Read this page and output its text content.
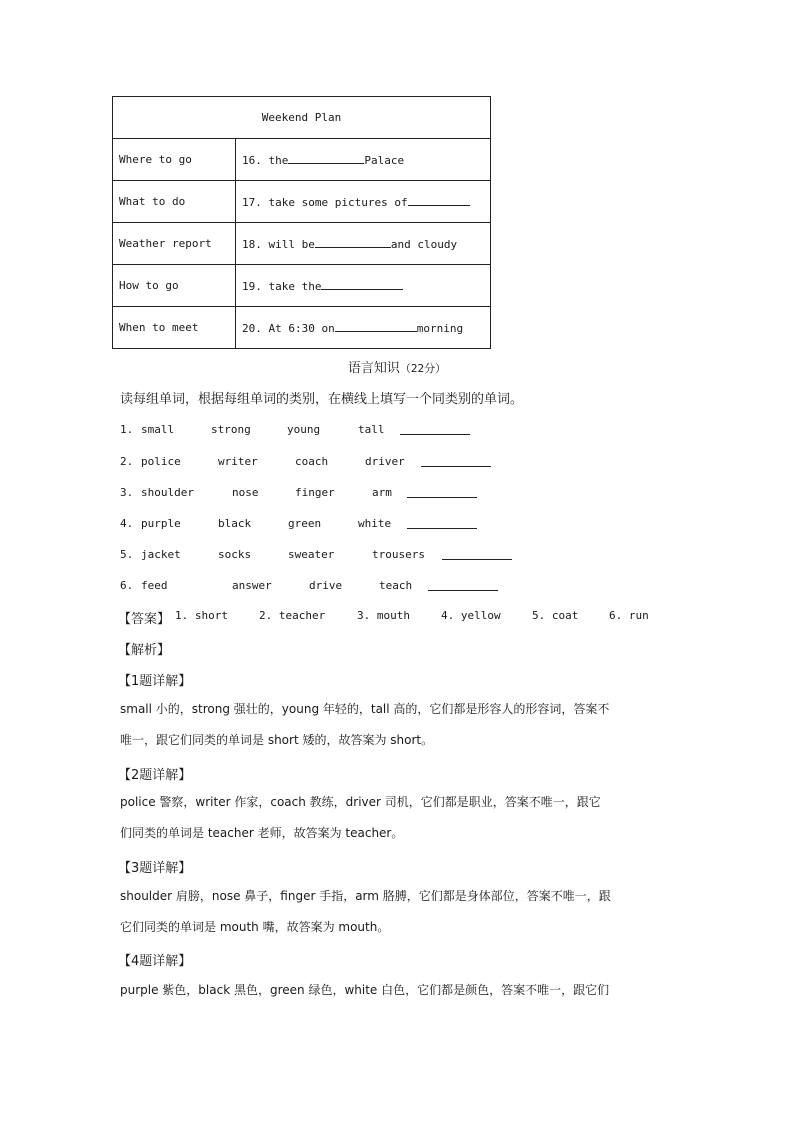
Weekend Plan	
Where to go	16. the Palace
What to do	17. take some pictures of
Weather report	18. will be and cloudy
How to go	19. take the
When to meet	20. At 6:30 on morning
语言知识（22分）
读每组单词，根据每组单词的类别，在横线上填写一个同类别的单词。
1. small	strong	young	tall
2. police	writer	coach	driver
3. shoulder	nose	finger	arm
4. purple	black	green	white
5. jacket	socks	sweater	trousers
6. feed	answer	drive	teach
【答案】 1. short	2. teacher	3. mouth	4. yellow	5. coat	6. run
【解析】
【1题详解】
small 小的，strong 强壮的，young 年轻的，tall 高的，它们都是形容人的形容词，答案不
唯一，跟它们同类的单词是 short 矮的，故答案为 short。
【2题详解】
police 警察，writer 作家，coach 教练，driver 司机，它们都是职业，答案不唯一，跟它
们同类的单词是 teacher 老师，故答案为 teacher。
【3题详解】
shoulder 肩膀，nose 鼻子，finger 手指，arm 胳膊，它们都是身体部位，答案不唯一，跟
它们同类的单词是 mouth 嘴，故答案为 mouth。
【4题详解】
purple 紫色，black 黑色，green 绿色，white 白色，它们都是颜色，答案不唯一，跟它们
